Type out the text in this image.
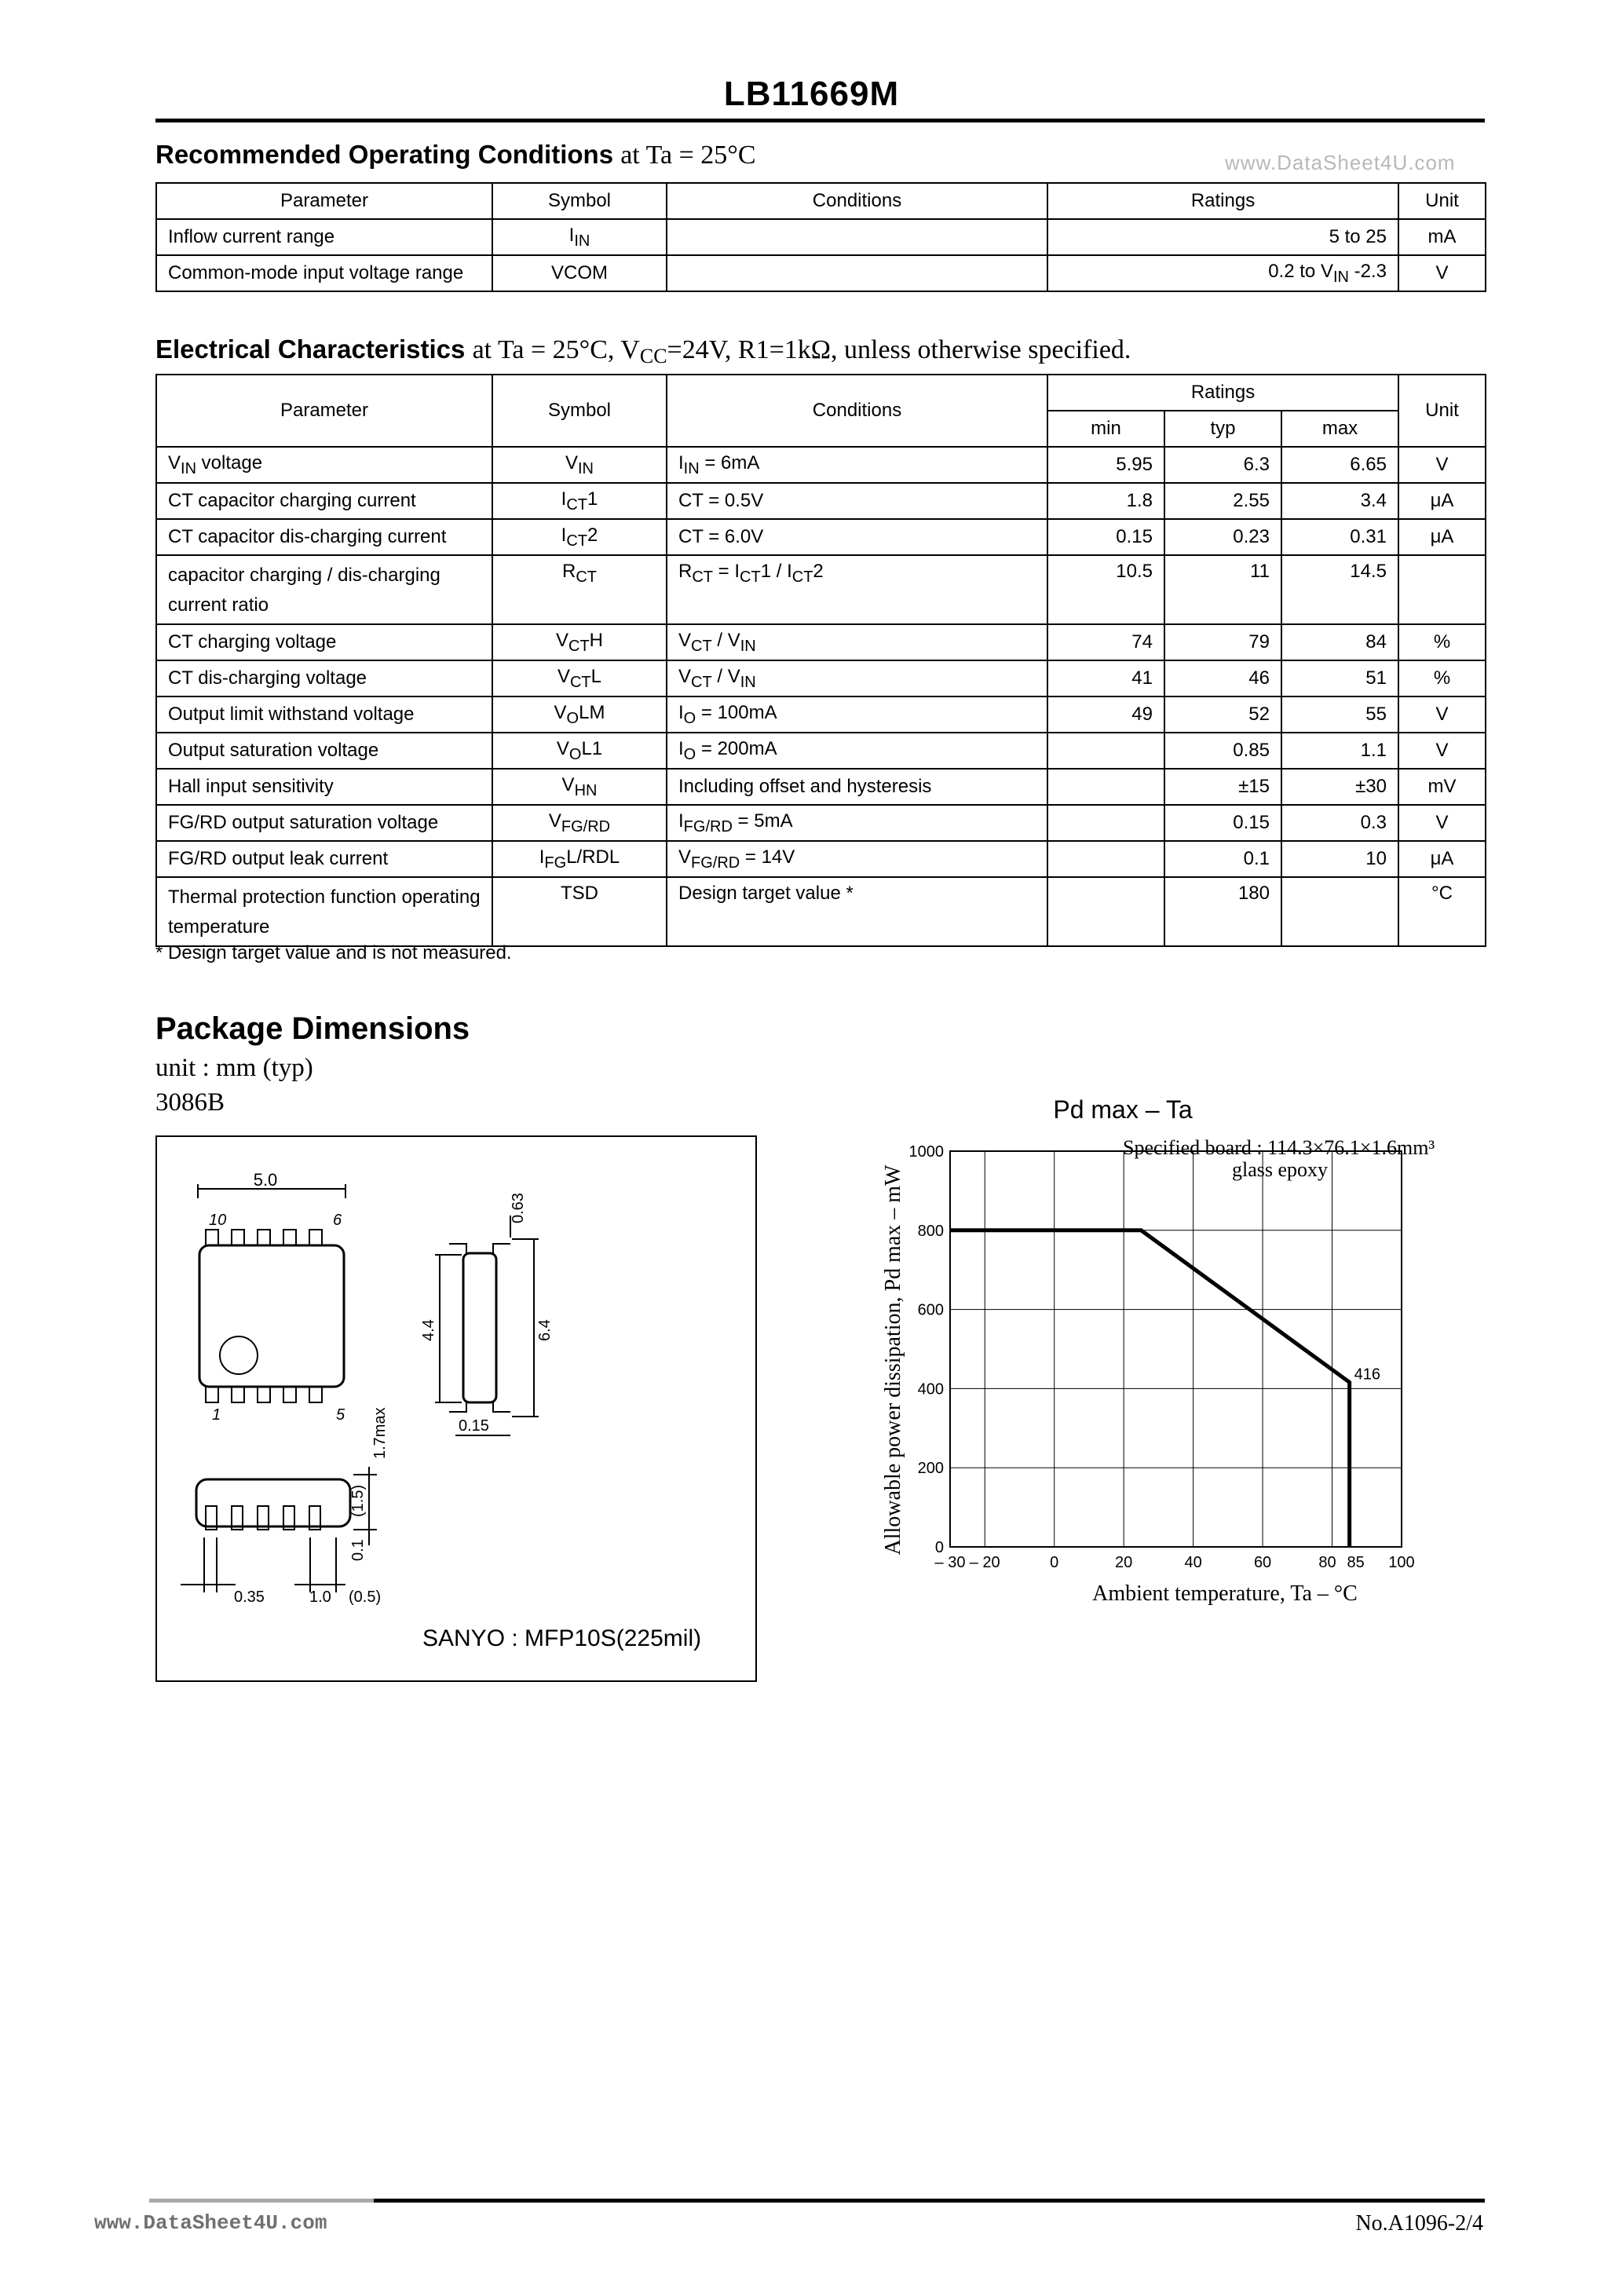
LB11669M
Recommended Operating Conditions at Ta = 25°C	www.DataSheet4U.com
Parameter	Symbol	Conditions	Ratings	Unit
Inflow current range	$I_{IN}$		5 to 25	mA
Common-mode input voltage range	VCOM		0.2 to $V_{IN}$ -2.3	V
Electrical Characteristics at Ta = 25°C, $V_{CC}=24V$, R1=1kΩ, unless otherwise specified.
Parameter	Symbol	Conditions	Ratings			Unit
			min	typ	max	
$V_{IN}$ voltage	$V_{IN}$	$I_{IN} = 6mA$	5.95	6.3	6.65	V
CT capacitor charging current	$I_{CT}1$	CT = 0.5V	1.8	2.55	3.4	μA
CT capacitor dis-charging current	$I_{CT}2$	CT = 6.0V	0.15	0.23	0.31	μA
capacitor charging / dis-charging current ratio	$R_{CT}$	$R_{CT} = I_{CT}1 / I_{CT}2$	10.5	11	14.5	
CT charging voltage	$V_{CT}H$	$V_{CT} / V_{IN}$	74	79	84	%
CT dis-charging voltage	$V_{CT}L$	$V_{CT} / V_{IN}$	41	46	51	%
Output limit withstand voltage	$V_OLM$	$I_O = 100mA$	49	52	55	V
Output saturation voltage	$V_OL1$	$I_O = 200mA$		0.85	1.1	V
Hall input sensitivity	$V_{HN}$	Including offset and hysteresis		±15	±30	mV
FG/RD output saturation voltage	$V_{FG/RD}$	$I_{FG/RD} = 5mA$		0.15	0.3	V
FG/RD output leak current	$I_{FG}L$/RDL	$V_{FG/RD} = 14V$		0.1	10	μA
Thermal protection function operating temperature	TSD	Design target value *		180		°C
* Design target value and is not measured.
Package Dimensions
unit : mm (typ)
3086B
5.0
10	6
1	5
0.63
4.4	6.4
0.15
1.7max
(1.5)
0.1
0.35	1.0 (0.5)
SANYO : MFP10S(225mil)
Pd max – Ta
0
200
400
600
800
1000
– 30 – 20	0	20	40	60	80 85 100
416
Specified board : 114.3×76.1×1.6mm³
glass epoxy
Ambient temperature, Ta – °C
Allowable power dissipation, Pd max – mW
www.DataSheet4U.com	No.A1096-2/4
